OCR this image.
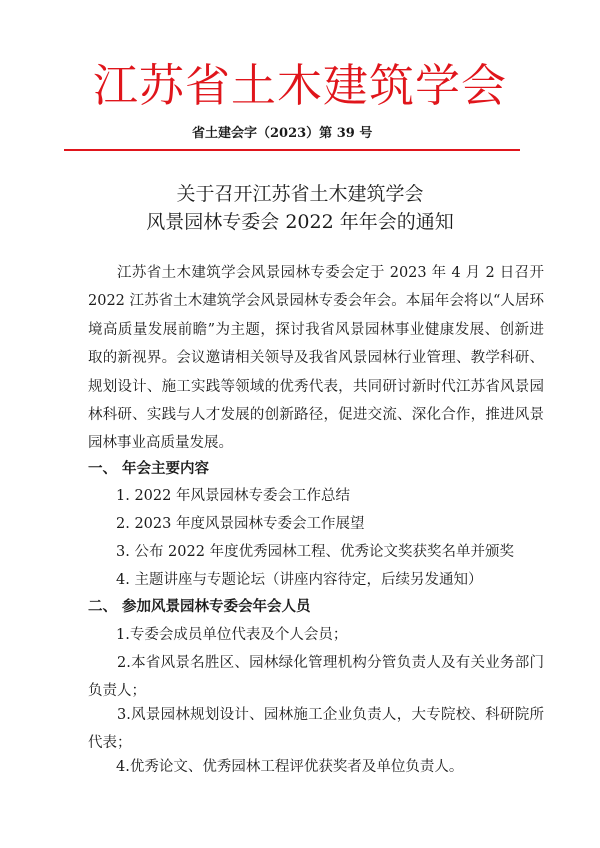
江苏省土木建筑学会
省土建会字（2023）第 39 号
关于召开江苏省土木建筑学会
风景园林专委会 2022 年年会的通知
江苏省土木建筑学会风景园林专委会定于 2023 年 4 月 2 日召开 2022 江苏省土木建筑学会风景园林专委会年会。本届年会将以“人居环境高质量发展前瞻”为主题，探讨我省风景园林事业健康发展、创新进取的新视界。会议邀请相关领导及我省风景园林行业管理、教学科研、规划设计、施工实践等领域的优秀代表，共同研讨新时代江苏省风景园林科研、实践与人才发展的创新路径，促进交流、深化合作，推进风景园林事业高质量发展。
一、 年会主要内容
1. 2022 年风景园林专委会工作总结
2. 2023 年度风景园林专委会工作展望
3. 公布 2022 年度优秀园林工程、优秀论文奖获奖名单并颁奖
4. 主题讲座与专题论坛（讲座内容待定，后续另发通知）
二、 参加风景园林专委会年会人员
1.专委会成员单位代表及个人会员；
2.本省风景名胜区、园林绿化管理机构分管负责人及有关业务部门负责人；
3.风景园林规划设计、园林施工企业负责人，大专院校、科研院所代表；
4.优秀论文、优秀园林工程评优获奖者及单位负责人。
